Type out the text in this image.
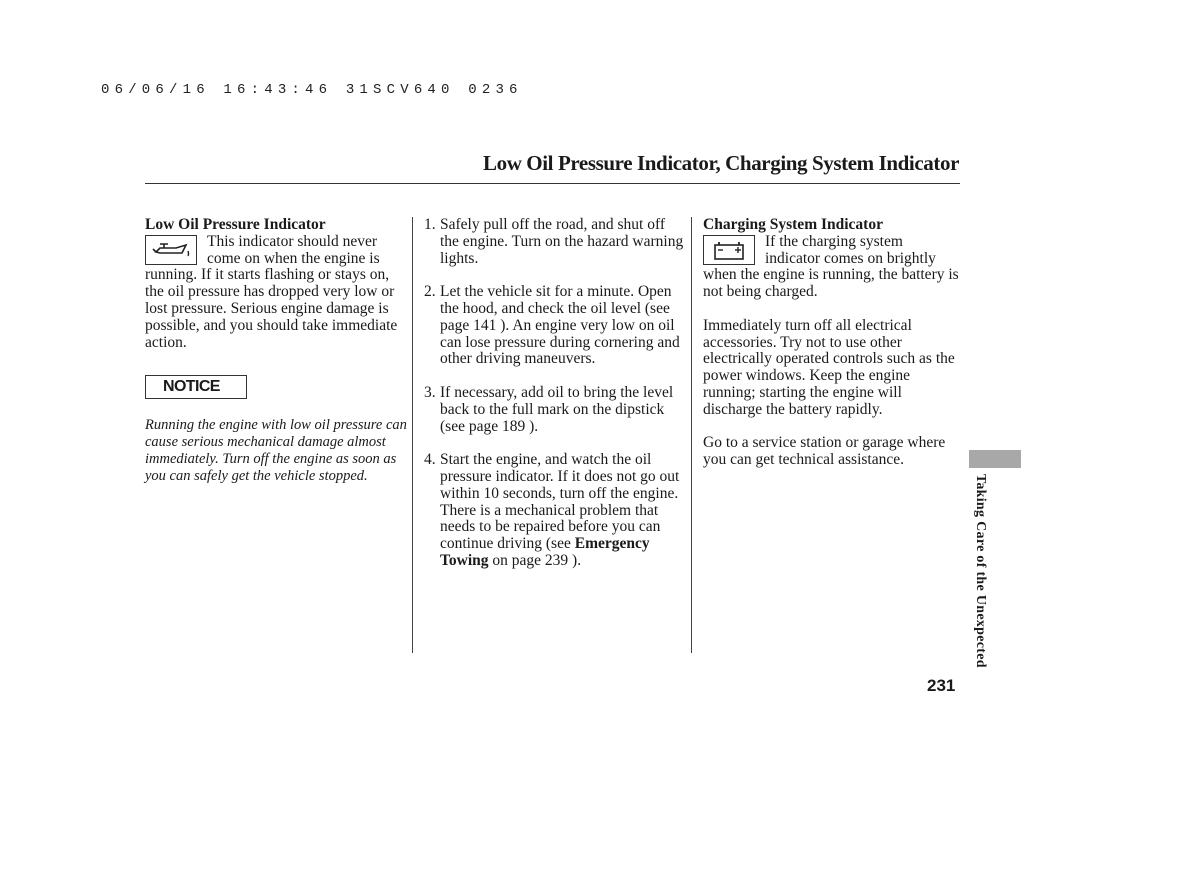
06/06/16 16:43:46 31SCV640 0236
Low Oil Pressure Indicator, Charging System Indicator
Low Oil Pressure Indicator

This indicator should never come on when the engine is running. If it starts flashing or stays on, the oil pressure has dropped very low or lost pressure. Serious engine damage is possible, and you should take immediate action.

NOTICE
Running the engine with low oil pressure can cause serious mechanical damage almost immediately. Turn off the engine as soon as you can safely get the vehicle stopped.
1. Safely pull off the road, and shut off the engine. Turn on the hazard warning lights.
2. Let the vehicle sit for a minute. Open the hood, and check the oil level (see page 141 ). An engine very low on oil can lose pressure during cornering and other driving maneuvers.
3. If necessary, add oil to bring the level back to the full mark on the dipstick (see page 189 ).
4. Start the engine, and watch the oil pressure indicator. If it does not go out within 10 seconds, turn off the engine. There is a mechanical problem that needs to be repaired before you can continue driving (see Emergency Towing on page 239 ).
Charging System Indicator

If the charging system indicator comes on brightly when the engine is running, the battery is not being charged.

Immediately turn off all electrical accessories. Try not to use other electrically operated controls such as the power windows. Keep the engine running; starting the engine will discharge the battery rapidly.

Go to a service station or garage where you can get technical assistance.

Taking Care of the Unexpected
231
